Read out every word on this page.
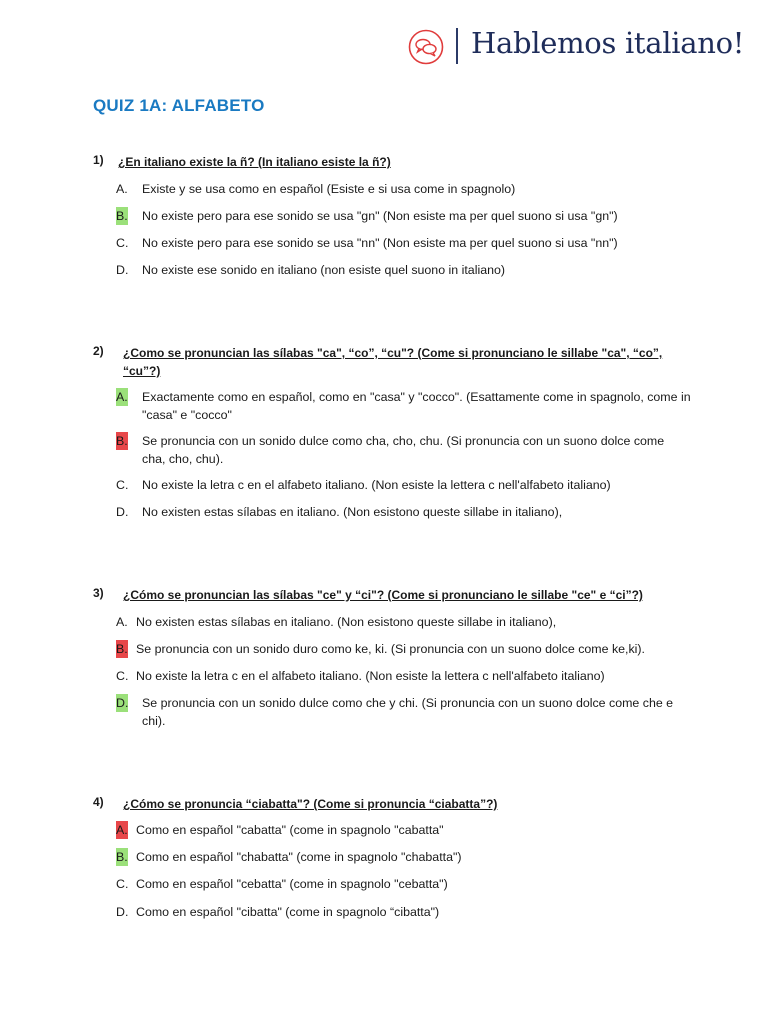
Hablemos italiano!
QUIZ 1A: ALFABETO
1) ¿En italiano existe la ñ? (In italiano esiste la ñ?)
A. Existe y se usa como en español (Esiste e si usa come in spagnolo)
B. No existe pero para ese sonido se usa "gn" (Non esiste ma per quel suono si usa "gn")
C. No existe pero para ese sonido se usa "nn" (Non esiste ma per quel suono si usa "nn")
D. No existe ese sonido en italiano (non esiste quel suono in italiano)
2) ¿Como se pronuncian las sílabas "ca", “co”, “cu"? (Come si pronunciano le sillabe "ca", “co”, “cu”?)
A. Exactamente como en español, como en "casa" y "cocco". (Esattamente come in spagnolo, come in "casa" e "cocco"
B. Se pronuncia con un sonido dulce como cha, cho, chu. (Si pronuncia con un suono dolce come cha, cho, chu).
C. No existe la letra c en el alfabeto italiano. (Non esiste la lettera c nell'alfabeto italiano)
D. No existen estas sílabas en italiano. (Non esistono queste sillabe in italiano),
3) ¿Cómo se pronuncian las sílabas "ce" y “ci"? (Come si pronunciano le sillabe "ce" e “ci”?)
A. No existen estas sílabas en italiano. (Non esistono queste sillabe in italiano),
B. Se pronuncia con un sonido duro como ke, ki. (Si pronuncia con un suono dolce come ke,ki).
C. No existe la letra c en el alfabeto italiano. (Non esiste la lettera c nell'alfabeto italiano)
D. Se pronuncia con un sonido dulce como che y chi. (Si pronuncia con un suono dolce come che e chi).
4) ¿Cómo se pronuncia “ciabatta"? (Come si pronuncia “ciabatta”?)
A. Como en español "cabatta" (come in spagnolo "cabatta"
B. Como en español "chabatta" (come in spagnolo "chabatta")
C. Como en español "cebatta" (come in spagnolo "cebatta")
D. Como en español "cibatta" (come in spagnolo “cibatta")
